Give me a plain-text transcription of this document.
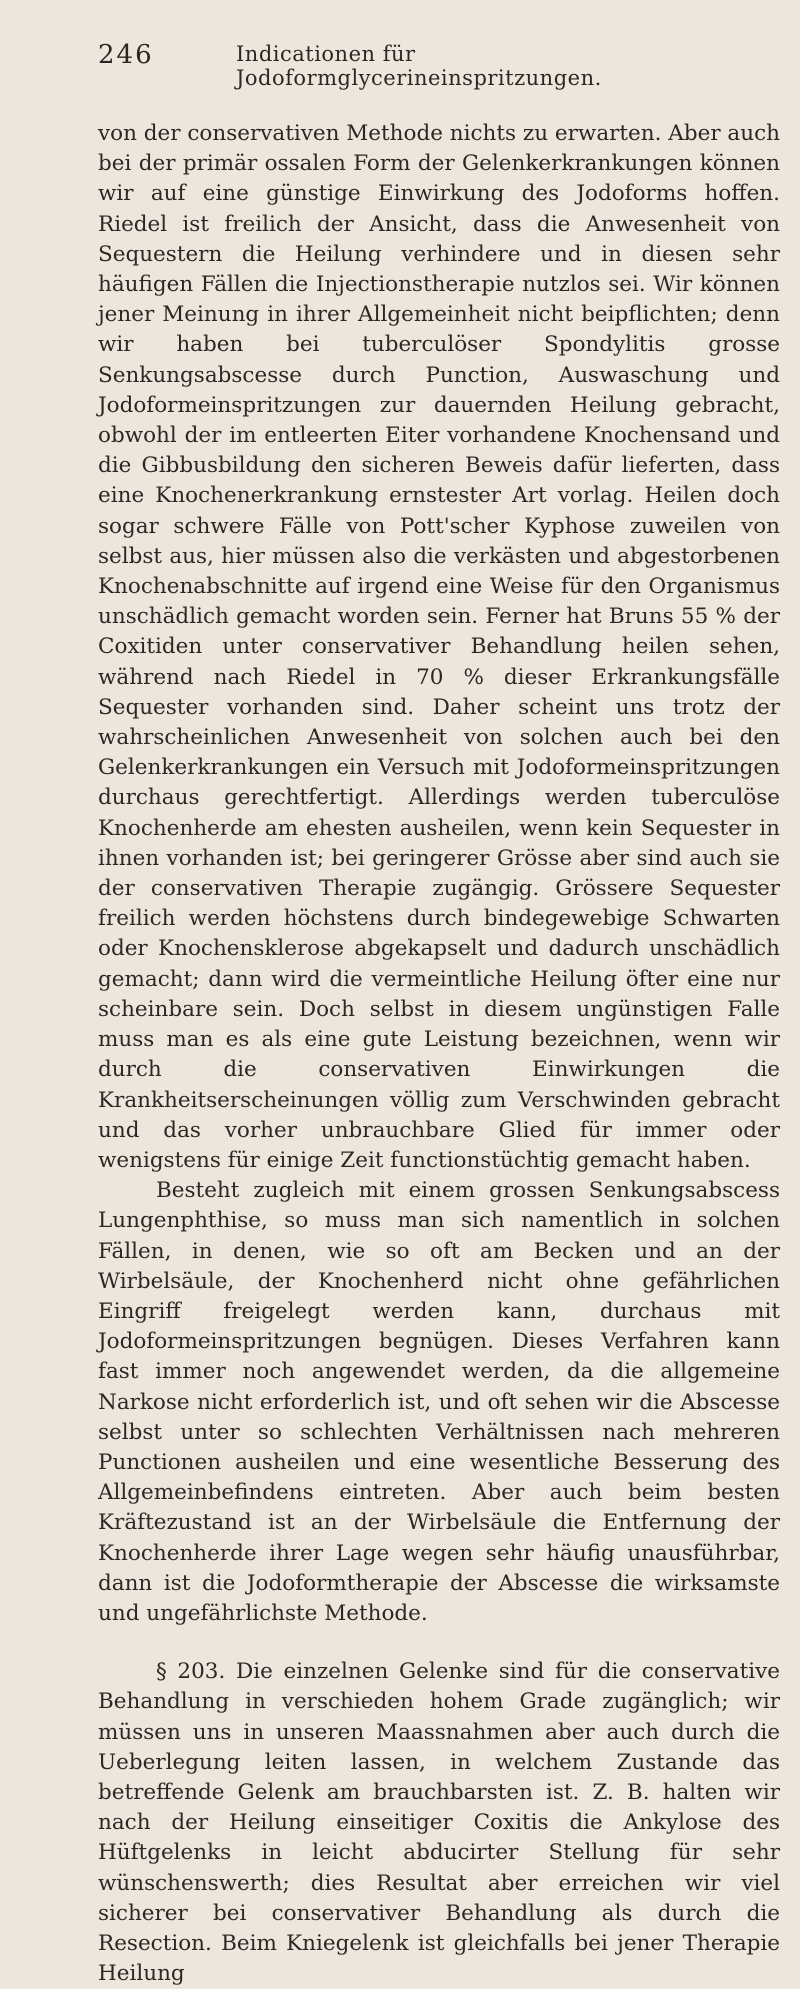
246	Indicationen für Jodoformglycerineinspritzungen.

von der conservativen Methode nichts zu erwarten. Aber auch bei der primär ossalen Form der Gelenkerkrankungen können wir auf eine günstige Einwirkung des Jodoforms hoffen. Riedel ist freilich der Ansicht, dass die Anwesenheit von Sequestern die Heilung verhindere und in diesen sehr häufigen Fällen die Injectionstherapie nutzlos sei. Wir können jener Meinung in ihrer Allgemeinheit nicht beipflichten; denn wir haben bei tuberculöser Spondylitis grosse Senkungsabscesse durch Punction, Auswaschung und Jodoformeinspritzungen zur dauernden Heilung gebracht, obwohl der im entleerten Eiter vorhandene Knochensand und die Gibbusbildung den sicheren Beweis dafür lieferten, dass eine Knochenerkrankung ernstester Art vorlag. Heilen doch sogar schwere Fälle von Pott'scher Kyphose zuweilen von selbst aus, hier müssen also die verkästen und abgestorbenen Knochenabschnitte auf irgend eine Weise für den Organismus unschädlich gemacht worden sein. Ferner hat Bruns 55 % der Coxitiden unter conservativer Behandlung heilen sehen, während nach Riedel in 70 % dieser Erkrankungsfälle Sequester vorhanden sind. Daher scheint uns trotz der wahrscheinlichen Anwesenheit von solchen auch bei den Gelenkerkrankungen ein Versuch mit Jodoformeinspritzungen durchaus gerechtfertigt. Allerdings werden tuberculöse Knochenherde am ehesten ausheilen, wenn kein Sequester in ihnen vorhanden ist; bei geringerer Grösse aber sind auch sie der conservativen Therapie zugängig. Grössere Sequester freilich werden höchstens durch bindegewebige Schwarten oder Knochensklerose abgekapselt und dadurch unschädlich gemacht; dann wird die vermeintliche Heilung öfter eine nur scheinbare sein. Doch selbst in diesem ungünstigen Falle muss man es als eine gute Leistung bezeichnen, wenn wir durch die conservativen Einwirkungen die Krankheitserscheinungen völlig zum Verschwinden gebracht und das vorher unbrauchbare Glied für immer oder wenigstens für einige Zeit functionstüchtig gemacht haben.

Besteht zugleich mit einem grossen Senkungsabscess Lungenphthise, so muss man sich namentlich in solchen Fällen, in denen, wie so oft am Becken und an der Wirbelsäule, der Knochenherd nicht ohne gefährlichen Eingriff freigelegt werden kann, durchaus mit Jodoformeinspritzungen begnügen. Dieses Verfahren kann fast immer noch angewendet werden, da die allgemeine Narkose nicht erforderlich ist, und oft sehen wir die Abscesse selbst unter so schlechten Verhältnissen nach mehreren Punctionen ausheilen und eine wesentliche Besserung des Allgemeinbefindens eintreten. Aber auch beim besten Kräftezustand ist an der Wirbelsäule die Entfernung der Knochenherde ihrer Lage wegen sehr häufig unausführbar, dann ist die Jodoformtherapie der Abscesse die wirksamste und ungefährlichste Methode.

§ 203. Die einzelnen Gelenke sind für die conservative Behandlung in verschieden hohem Grade zugänglich; wir müssen uns in unseren Maassnahmen aber auch durch die Ueberlegung leiten lassen, in welchem Zustande das betreffende Gelenk am brauchbarsten ist. Z. B. halten wir nach der Heilung einseitiger Coxitis die Ankylose des Hüftgelenks in leicht abducirter Stellung für sehr wünschenswerth; dies Resultat aber erreichen wir viel sicherer bei conservativer Behandlung als durch die Resection. Beim Kniegelenk ist gleichfalls bei jener Therapie Heilung
